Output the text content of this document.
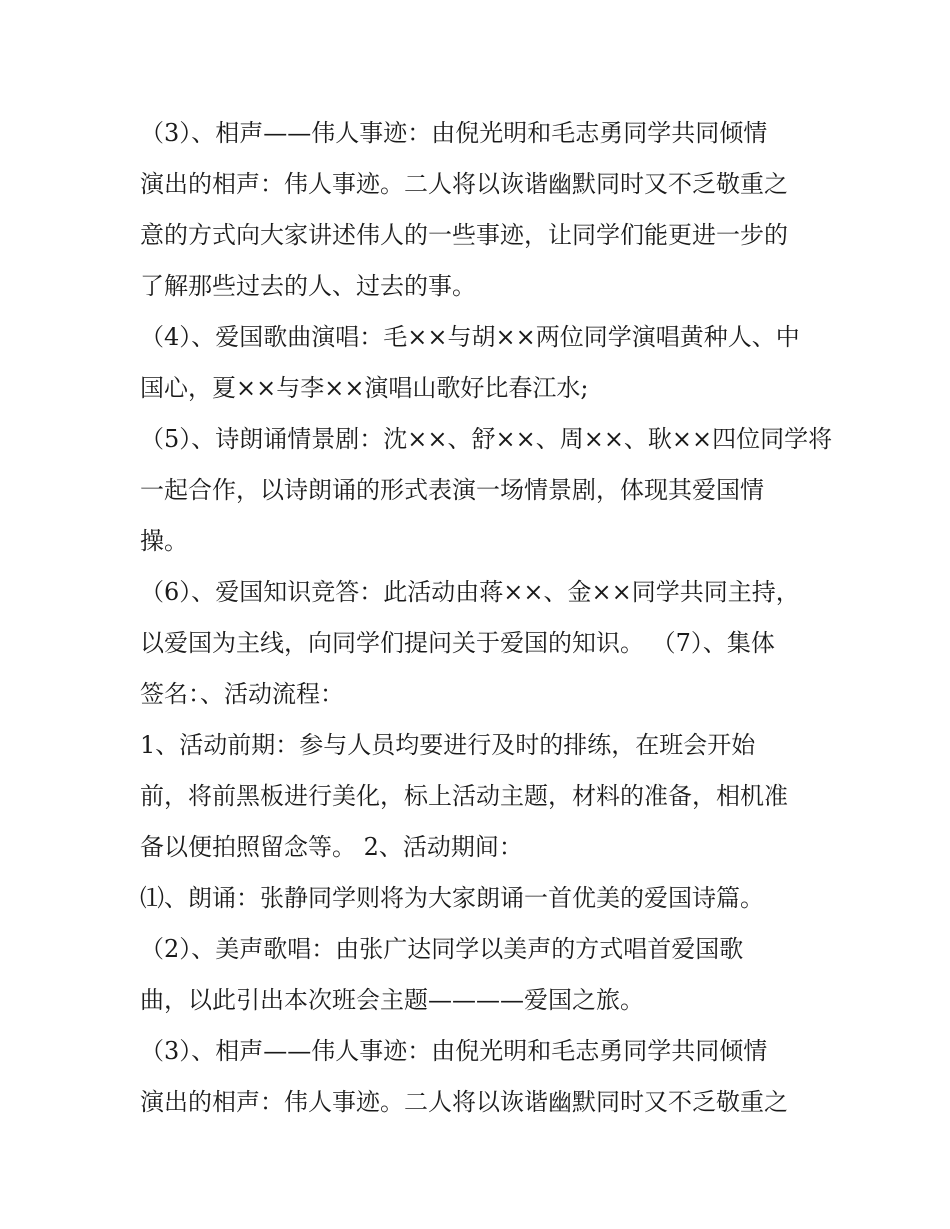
（3）、相声——伟人事迹：由倪光明和毛志勇同学共同倾情
演出的相声：伟人事迹。二人将以诙谐幽默同时又不乏敬重之
意的方式向大家讲述伟人的一些事迹，让同学们能更进一步的
了解那些过去的人、过去的事。
（4）、爱国歌曲演唱：毛××与胡××两位同学演唱黄种人、中
国心，夏××与李××演唱山歌好比春江水;
（5）、诗朗诵情景剧：沈××、舒××、周××、耿××四位同学将
一起合作，以诗朗诵的形式表演一场情景剧，体现其爱国情
操。
（6）、爱国知识竞答：此活动由蒋××、金××同学共同主持，
以爱国为主线，向同学们提问关于爱国的知识。 （7）、集体
签名：、活动流程：
1、活动前期：参与人员均要进行及时的排练，在班会开始
前，将前黑板进行美化，标上活动主题，材料的准备，相机准
备以便拍照留念等。 2、活动期间：
⑴、朗诵：张静同学则将为大家朗诵一首优美的爱国诗篇。
（2）、美声歌唱：由张广达同学以美声的方式唱首爱国歌
曲，以此引出本次班会主题————爱国之旅。
（3）、相声——伟人事迹：由倪光明和毛志勇同学共同倾情
演出的相声：伟人事迹。二人将以诙谐幽默同时又不乏敬重之
